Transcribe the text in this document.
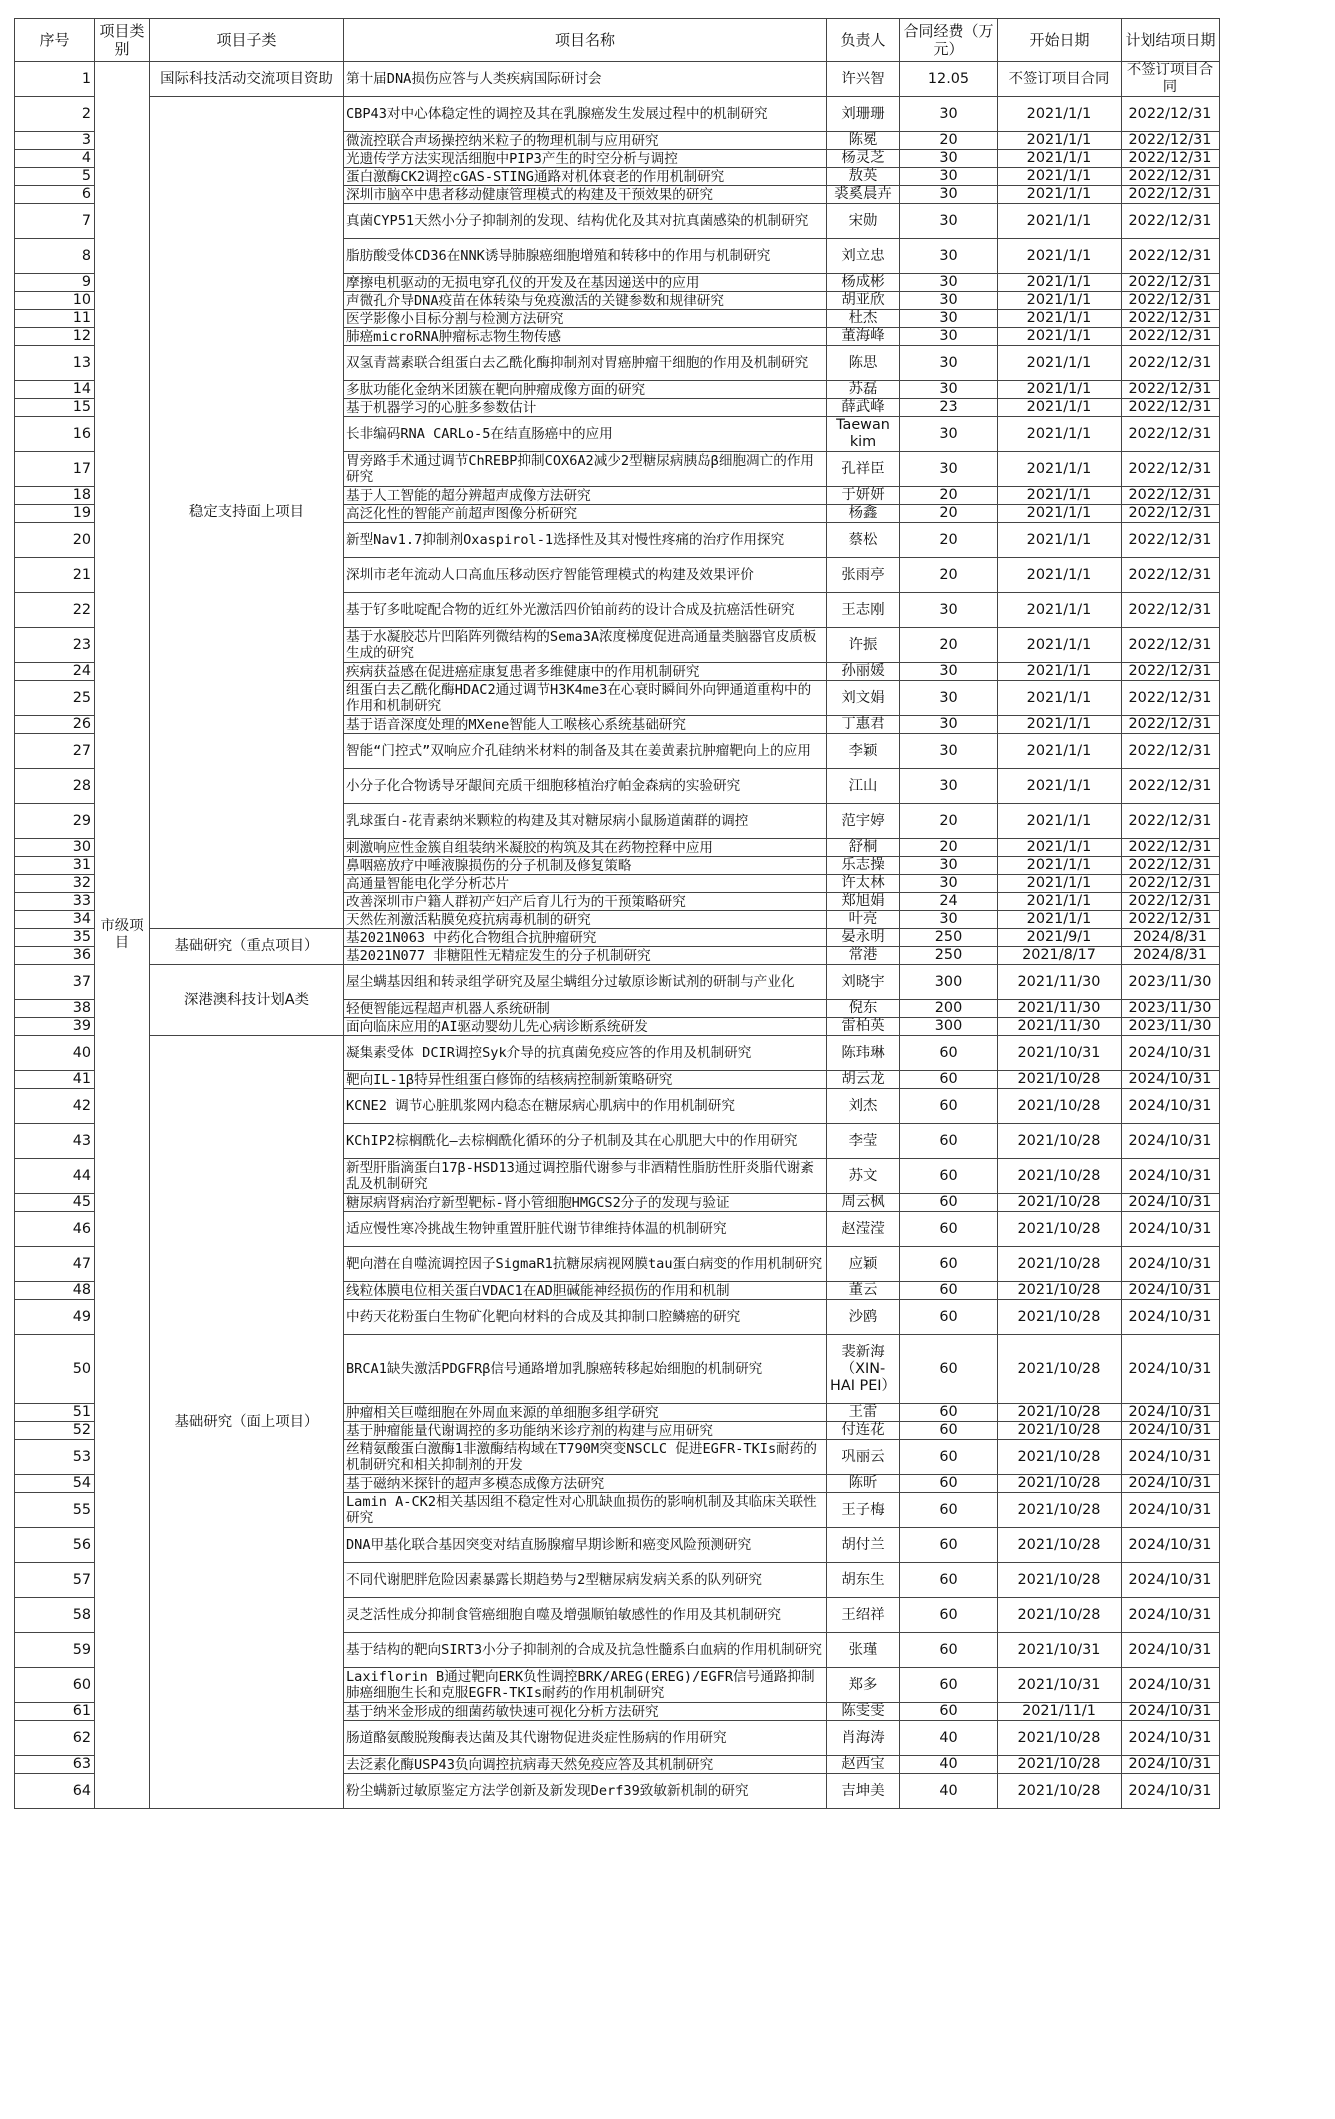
序号	项目类别	项目子类	项目名称	负责人	合同经费（万元）	开始日期	计划结项日期
1	市级项目	国际科技活动交流项目资助	第十届DNA损伤应答与人类疾病国际研讨会	许兴智	12.05	不签订项目合同	不签订项目合同
2		稳定支持面上项目	CBP43对中心体稳定性的调控及其在乳腺癌发生发展过程中的机制研究	刘珊珊	30	2021/1/1	2022/12/31
3			微流控联合声场操控纳米粒子的物理机制与应用研究	陈冕	20	2021/1/1	2022/12/31
4			光遗传学方法实现活细胞中PIP3产生的时空分析与调控	杨灵芝	30	2021/1/1	2022/12/31
5			蛋白激酶CK2调控cGAS-STING通路对机体衰老的作用机制研究	敖英	30	2021/1/1	2022/12/31
6			深圳市脑卒中患者移动健康管理模式的构建及干预效果的研究	裘奚晨卉	30	2021/1/1	2022/12/31
7			真菌CYP51天然小分子抑制剂的发现、结构优化及其对抗真菌感染的机制研究	宋勋	30	2021/1/1	2022/12/31
8			脂肪酸受体CD36在NNK诱导肺腺癌细胞增殖和转移中的作用与机制研究	刘立忠	30	2021/1/1	2022/12/31
9			摩擦电机驱动的无损电穿孔仪的开发及在基因递送中的应用	杨成彬	30	2021/1/1	2022/12/31
10			声微孔介导DNA疫苗在体转染与免疫激活的关键参数和规律研究	胡亚欣	30	2021/1/1	2022/12/31
11			医学影像小目标分割与检测方法研究	杜杰	30	2021/1/1	2022/12/31
12			肺癌microRNA肿瘤标志物生物传感	董海峰	30	2021/1/1	2022/12/31
13			双氢青蒿素联合组蛋白去乙酰化酶抑制剂对胃癌肿瘤干细胞的作用及机制研究	陈思	30	2021/1/1	2022/12/31
14			多肽功能化金纳米团簇在靶向肿瘤成像方面的研究	苏磊	30	2021/1/1	2022/12/31
15			基于机器学习的心脏多参数估计	薛武峰	23	2021/1/1	2022/12/31
16			长非编码RNA CARLo-5在结直肠癌中的应用	Taewan kim	30	2021/1/1	2022/12/31
17			胃旁路手术通过调节ChREBP抑制COX6A2减少2型糖尿病胰岛β细胞凋亡的作用研究	孔祥臣	30	2021/1/1	2022/12/31
18			基于人工智能的超分辨超声成像方法研究	于妍妍	20	2021/1/1	2022/12/31
19			高泛化性的智能产前超声图像分析研究	杨鑫	20	2021/1/1	2022/12/31
20			新型Nav1.7抑制剂Oxaspirol-1选择性及其对慢性疼痛的治疗作用探究	蔡松	20	2021/1/1	2022/12/31
21			深圳市老年流动人口高血压移动医疗智能管理模式的构建及效果评价	张雨亭	20	2021/1/1	2022/12/31
22			基于钌多吡啶配合物的近红外光激活四价铂前药的设计合成及抗癌活性研究	王志刚	30	2021/1/1	2022/12/31
23			基于水凝胶芯片凹陷阵列微结构的Sema3A浓度梯度促进高通量类脑器官皮质板生成的研究	许振	20	2021/1/1	2022/12/31
24			疾病获益感在促进癌症康复患者多维健康中的作用机制研究	孙丽媛	30	2021/1/1	2022/12/31
25			组蛋白去乙酰化酶HDAC2通过调节H3K4me3在心衰时瞬间外向钾通道重构中的作用和机制研究	刘文娟	30	2021/1/1	2022/12/31
26			基于语音深度处理的MXene智能人工喉核心系统基础研究	丁惠君	30	2021/1/1	2022/12/31
27			智能“门控式”双响应介孔硅纳米材料的制备及其在姜黄素抗肿瘤靶向上的应用	李颖	30	2021/1/1	2022/12/31
28			小分子化合物诱导牙龈间充质干细胞移植治疗帕金森病的实验研究	江山	30	2021/1/1	2022/12/31
29			乳球蛋白-花青素纳米颗粒的构建及其对糖尿病小鼠肠道菌群的调控	范宇婷	20	2021/1/1	2022/12/31
30			刺激响应性金簇自组装纳米凝胶的构筑及其在药物控释中应用	舒桐	20	2021/1/1	2022/12/31
31			鼻咽癌放疗中唾液腺损伤的分子机制及修复策略	乐志操	30	2021/1/1	2022/12/31
32			高通量智能电化学分析芯片	许太林	30	2021/1/1	2022/12/31
33			改善深圳市户籍人群初产妇产后育儿行为的干预策略研究	郑旭娟	24	2021/1/1	2022/12/31
34			天然佐剂激活粘膜免疫抗病毒机制的研究	叶亮	30	2021/1/1	2022/12/31
35		基础研究（重点项目）	基2021N063 中药化合物组合抗肿瘤研究	晏永明	250	2021/9/1	2024/8/31
36			基2021N077 非糖阻性无精症发生的分子机制研究	常港	250	2021/8/17	2024/8/31
37		深港澳科技计划A类	屋尘螨基因组和转录组学研究及屋尘螨组分过敏原诊断试剂的研制与产业化	刘晓宇	300	2021/11/30	2023/11/30
38			轻便智能远程超声机器人系统研制	倪东	200	2021/11/30	2023/11/30
39			面向临床应用的AI驱动婴幼儿先心病诊断系统研发	雷柏英	300	2021/11/30	2023/11/30
40		基础研究（面上项目）	凝集素受体 DCIR调控Syk介导的抗真菌免疫应答的作用及机制研究	陈玮琳	60	2021/10/31	2024/10/31
41			靶向IL-1β特异性组蛋白修饰的结核病控制新策略研究	胡云龙	60	2021/10/28	2024/10/31
42			KCNE2 调节心脏肌浆网内稳态在糖尿病心肌病中的作用机制研究	刘杰	60	2021/10/28	2024/10/31
43			KChIP2棕榈酰化—去棕榈酰化循环的分子机制及其在心肌肥大中的作用研究	李莹	60	2021/10/28	2024/10/31
44			新型肝脂滴蛋白17β-HSD13通过调控脂代谢参与非酒精性脂肪性肝炎脂代谢紊乱及机制研究	苏文	60	2021/10/28	2024/10/31
45			糖尿病肾病治疗新型靶标-肾小管细胞HMGCS2分子的发现与验证	周云枫	60	2021/10/28	2024/10/31
46			适应慢性寒冷挑战生物钟重置肝脏代谢节律维持体温的机制研究	赵滢滢	60	2021/10/28	2024/10/31
47			靶向潜在自噬流调控因子SigmaR1抗糖尿病视网膜tau蛋白病变的作用机制研究	应颖	60	2021/10/28	2024/10/31
48			线粒体膜电位相关蛋白VDAC1在AD胆碱能神经损伤的作用和机制	董云	60	2021/10/28	2024/10/31
49			中药天花粉蛋白生物矿化靶向材料的合成及其抑制口腔鳞癌的研究	沙鸥	60	2021/10/28	2024/10/31
50			BRCA1缺失激活PDGFRβ信号通路增加乳腺癌转移起始细胞的机制研究	裴新海（XIN-HAI PEI）	60	2021/10/28	2024/10/31
51			肿瘤相关巨噬细胞在外周血来源的单细胞多组学研究	王雷	60	2021/10/28	2024/10/31
52			基于肿瘤能量代谢调控的多功能纳米诊疗剂的构建与应用研究	付连花	60	2021/10/28	2024/10/31
53			丝精氨酸蛋白激酶1非激酶结构域在T790M突变NSCLC 促进EGFR-TKIs耐药的机制研究和相关抑制剂的开发	巩丽云	60	2021/10/28	2024/10/31
54			基于磁纳米探针的超声多模态成像方法研究	陈昕	60	2021/10/28	2024/10/31
55			Lamin A-CK2相关基因组不稳定性对心肌缺血损伤的影响机制及其临床关联性研究	王子梅	60	2021/10/28	2024/10/31
56			DNA甲基化联合基因突变对结直肠腺瘤早期诊断和癌变风险预测研究	胡付兰	60	2021/10/28	2024/10/31
57			不同代谢肥胖危险因素暴露长期趋势与2型糖尿病发病关系的队列研究	胡东生	60	2021/10/28	2024/10/31
58			灵芝活性成分抑制食管癌细胞自噬及增强顺铂敏感性的作用及其机制研究	王绍祥	60	2021/10/28	2024/10/31
59			基于结构的靶向SIRT3小分子抑制剂的合成及抗急性髓系白血病的作用机制研究	张瑾	60	2021/10/31	2024/10/31
60			Laxiflorin B通过靶向ERK负性调控BRK/AREG(EREG)/EGFR信号通路抑制肺癌细胞生长和克服EGFR-TKIs耐药的作用机制研究	郑多	60	2021/10/31	2024/10/31
61			基于纳米金形成的细菌药敏快速可视化分析方法研究	陈雯雯	60	2021/11/1	2024/10/31
62			肠道酪氨酸脱羧酶表达菌及其代谢物促进炎症性肠病的作用研究	肖海涛	40	2021/10/28	2024/10/31
63			去泛素化酶USP43负向调控抗病毒天然免疫应答及其机制研究	赵西宝	40	2021/10/28	2024/10/31
64			粉尘螨新过敏原鉴定方法学创新及新发现Derf39致敏新机制的研究	吉坤美	40	2021/10/28	2024/10/31
